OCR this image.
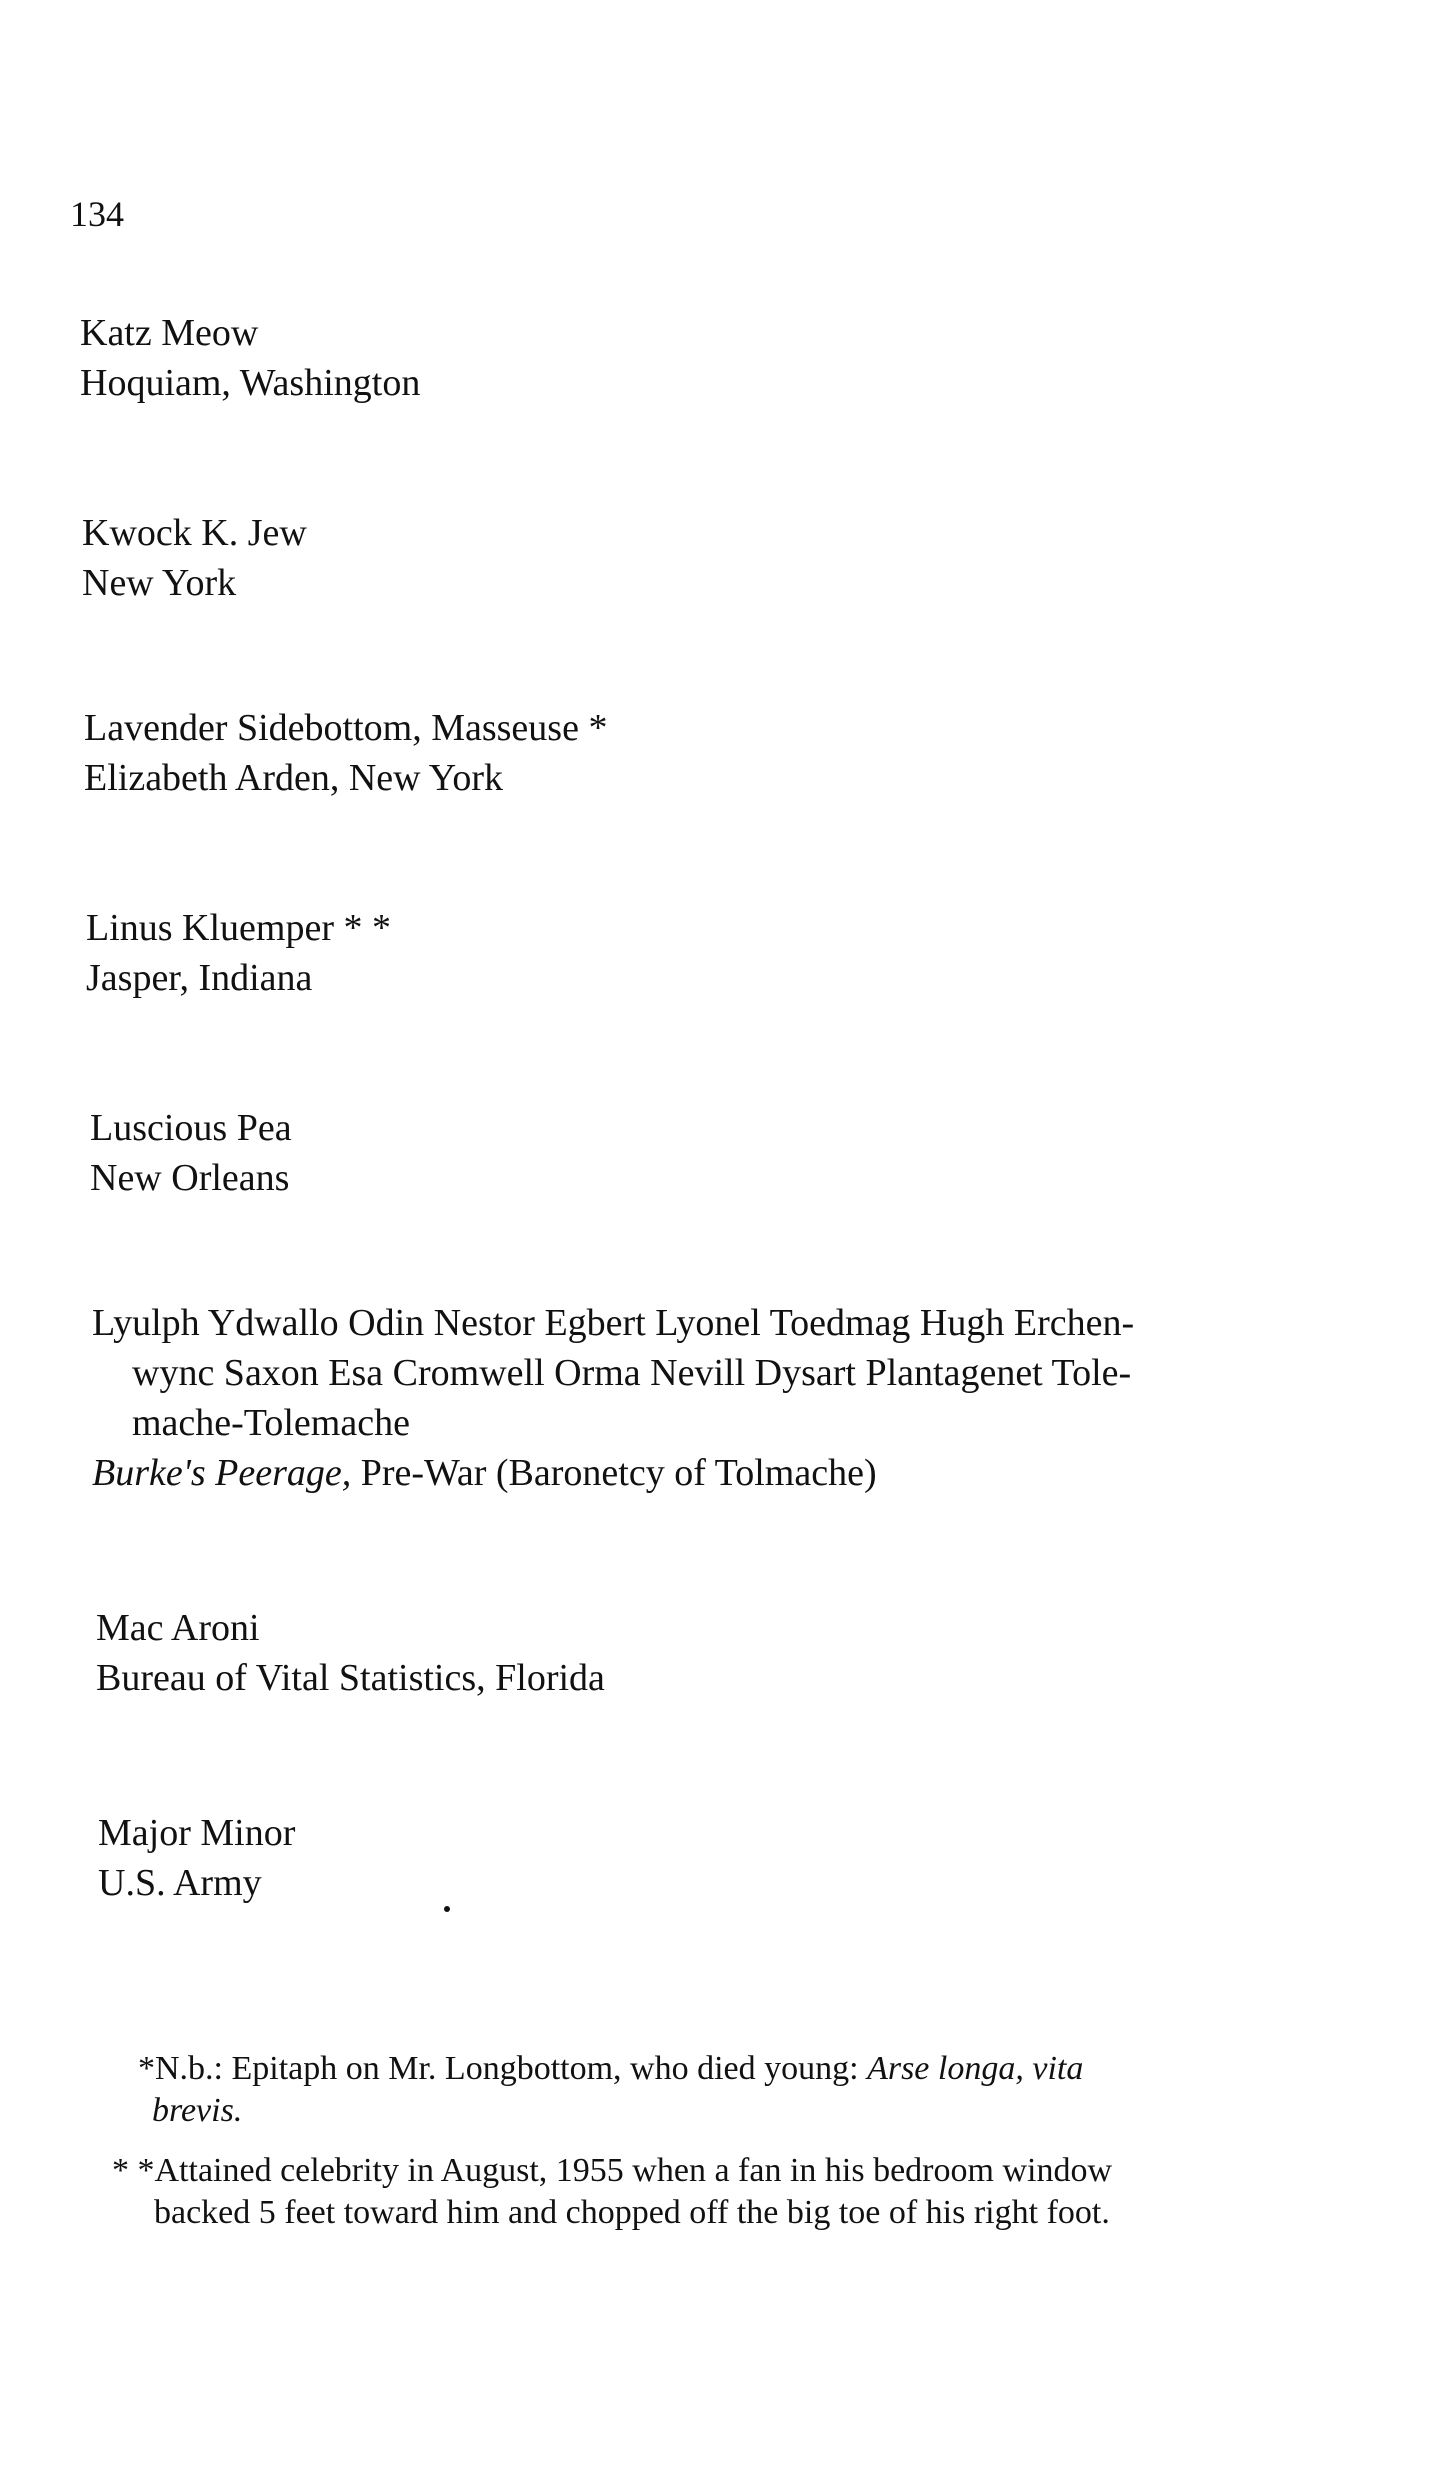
134
Katz Meow
Hoquiam, Washington
Kwock K. Jew
New York
Lavender Sidebottom, Masseuse *
Elizabeth Arden, New York
Linus Kluemper * *
Jasper, Indiana
Luscious Pea
New Orleans
Lyulph Ydwallo Odin Nestor Egbert Lyonel Toedmag Hugh Erchen-
wync Saxon Esa Cromwell Orma Nevill Dysart Plantagenet Tole-
mache-Tolemache
Burke's Peerage, Pre-War (Baronetcy of Tolmache)
Mac Aroni
Bureau of Vital Statistics, Florida
Major Minor
U.S. Army
*N.b.: Epitaph on Mr. Longbottom, who died young: Arse longa, vita
brevis.
* *Attained celebrity in August, 1955 when a fan in his bedroom window
backed 5 feet toward him and chopped off the big toe of his right foot.
